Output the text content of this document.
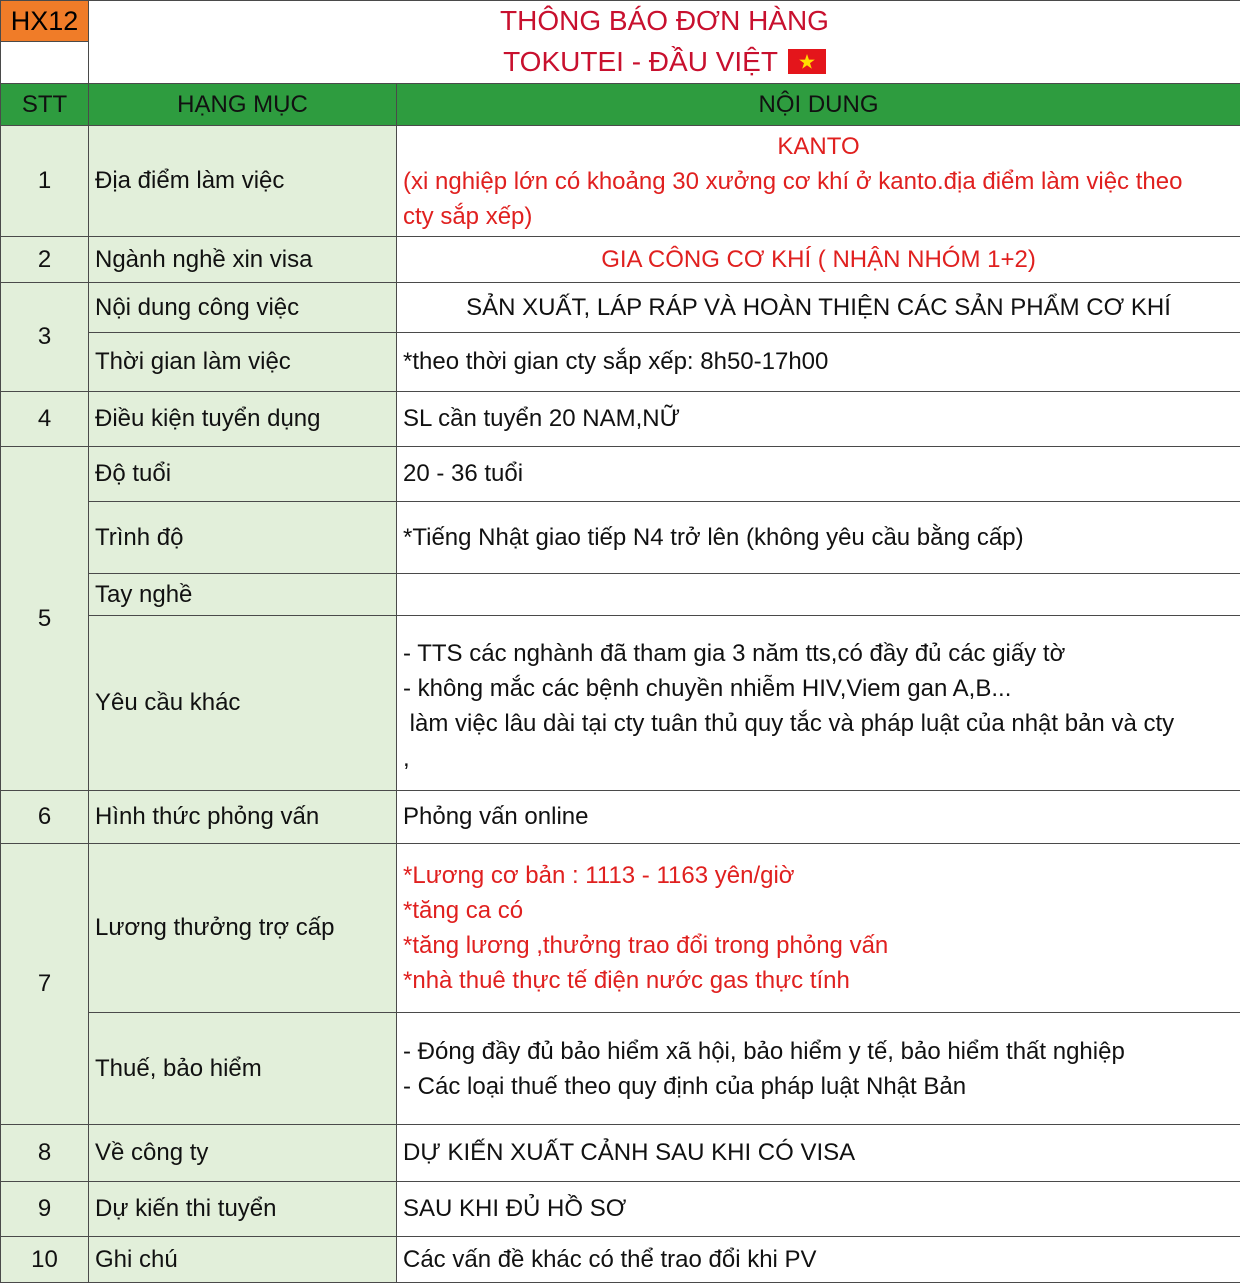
HX12	THÔNG BÁO ĐƠN HÀNG	
	TOKUTEI - ĐẦU VIỆT	

STT	HẠNG MỤC	NỘI DUNG
1	Địa điểm làm việc	KANTO
(xi nghiệp lớn có khoảng 30 xưởng cơ khí ở kanto.địa điểm làm việc theo
cty sắp xếp)

2	Ngành nghề xin visa	GIA CÔNG CƠ KHÍ ( NHẬN NHÓM 1+2)
3	Nội dung công việc	SẢN XUẤT, LÁP RÁP VÀ HOÀN THIỆN CÁC SẢN PHẨM CƠ KHÍ
	Thời gian làm việc	*theo thời gian cty sắp xếp: 8h50-17h00
4	Điều kiện tuyển dụng	SL cần tuyển 20 NAM,NỮ
5	Độ tuổi	20 - 36 tuổi
	Trình độ	*Tiếng Nhật giao tiếp N4 trở lên (không yêu cầu bằng cấp)
	Tay nghề	
	Yêu cầu khác	- TTS các nghành đã tham gia 3 năm tts,có đầy đủ các giấy tờ
- không mắc các bệnh chuyền nhiễm HIV,Viem gan A,B...
làm việc lâu dài tại cty tuân thủ quy tắc và pháp luật của nhật bản và cty
,

6	Hình thức phỏng vấn	Phỏng vấn online
7	Lương thưởng trợ cấp	*Lương cơ bản : 1113 - 1163 yên/giờ
*tăng ca có
*tăng lương ,thưởng trao đổi trong phỏng vấn
*nhà thuê thực tế điện nước gas thực tính

	Thuế, bảo hiểm	- Đóng đầy đủ bảo hiểm xã hội, bảo hiểm y tế, bảo hiểm thất nghiệp
- Các loại thuế theo quy định của pháp luật Nhật Bản

8	Về công ty	DỰ KIẾN XUẤT CẢNH SAU KHI CÓ VISA
9	Dự kiến thi tuyển	SAU KHI ĐỦ HỒ SƠ
10	Ghi chú	Các vấn đề khác có thể trao đổi khi PV
